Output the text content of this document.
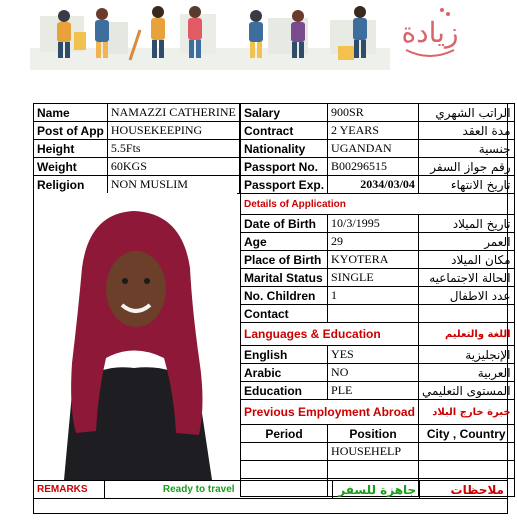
زيادة
Name	NAMAZZI CATHERINE
Post of App	HOUSEKEEPING
Height	5.5Fts
Weight	60KGS
Religion	NON MUSLIM
Salary	900SR	الراتب الشهري
Contract	2 YEARS	مدة العقد
Nationality	UGANDAN	جنسية
Passport No.	B00296515	رقم جواز السفر
Passport Exp.	2034/03/04	تاريخ الانتهاء
Details of Application		
Date of Birth	10/3/1995	تاريخ الميلاد
Age	29	العمر
Place of Birth	KYOTERA	مكان الميلاد
Marital Status	SINGLE	الحالة الاجتماعيه
No. Children	1	عدد الاطفال
Contact		
Languages & Education		اللغة والتعليم
English	YES	الإنجليزية
Arabic	NO	العربية
Education	PLE	المستوى التعليمي
Previous Employment Abroad		خبرة خارج البلاد
Period	Position	City , Country
	HOUSEHELP	

REMARKS	Ready to travel	جاهزة للسفر	ملاحظات
